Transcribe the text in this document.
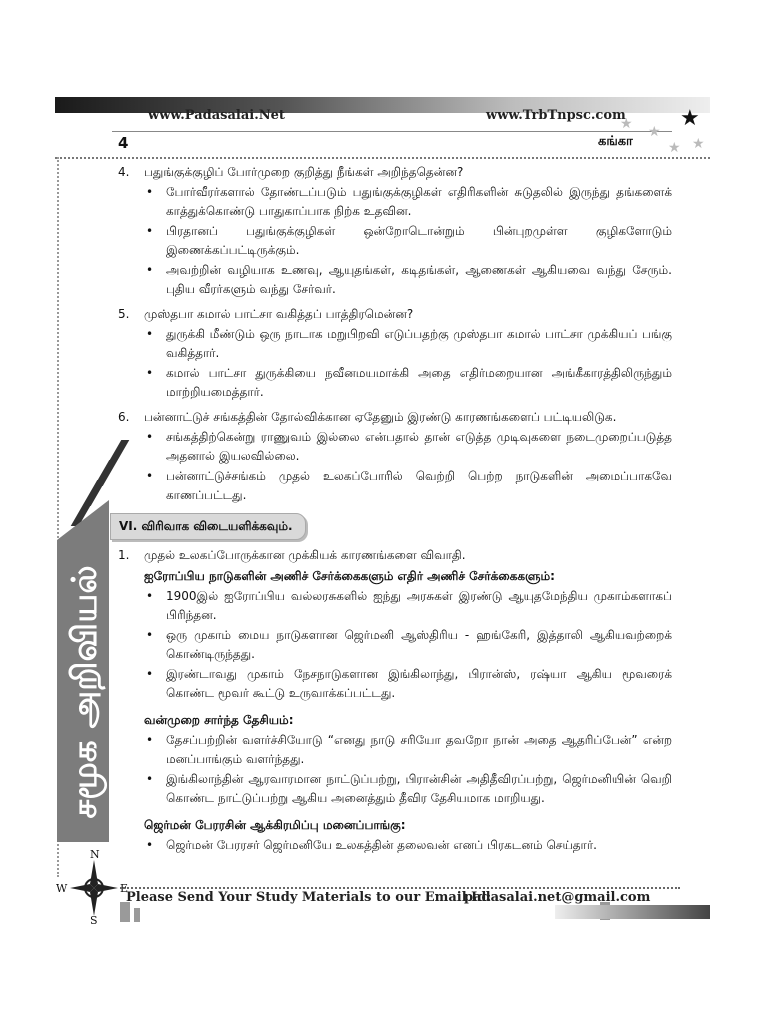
www.Padasalai.Net	www.TrbTnpsc.com
4	கங்கா
★
★ ★
★ ★
சமூக அறிவியல்
N
W	E
S

4. பதுங்குக்குழிப் போர்முறை குறித்து நீங்கள் அறிந்ததென்ன?

• போர்வீரர்களால் தோண்டப்படும் பதுங்குக்குழிகள் எதிரிகளின் சுடுதலில் இருந்து தங்களைக் காத்துக்கொண்டு பாதுகாப்பாக நிற்க உதவின.
• பிரதானப் பதுங்குக்குழிகள் ஒன்றோடொன்றும் பின்புறமுள்ள குழிகளோடும் இணைக்கப்பட்டிருக்கும்.
• அவற்றின் வழியாக உணவு, ஆயுதங்கள், கடிதங்கள், ஆணைகள் ஆகியவை வந்து சேரும். புதிய வீரர்களும் வந்து சேர்வர்.

5. முஸ்தபா கமால் பாட்சா வகித்தப் பாத்திரமென்ன?

• துருக்கி மீண்டும் ஒரு நாடாக மறுபிறவி எடுப்பதற்கு முஸ்தபா கமால் பாட்சா முக்கியப் பங்கு வகித்தார்.
• கமால் பாட்சா துருக்கியை நவீனமயமாக்கி அதை எதிர்மறையான அங்கீகாரத்திலிருந்தும் மாற்றியமைத்தார்.

6. பன்னாட்டுச் சங்கத்தின் தோல்விக்கான ஏதேனும் இரண்டு காரணங்களைப் பட்டியலிடுக.

• சங்கத்திற்கென்று ராணுவம் இல்லை என்பதால் தான் எடுத்த முடிவுகளை நடைமுறைப்படுத்த அதனால் இயலவில்லை.
• பன்னாட்டுச்சங்கம் முதல் உலகப்போரில் வெற்றி பெற்ற நாடுகளின் அமைப்பாகவே காணப்பட்டது.
VI. விரிவாக விடையளிக்கவும்.

1. முதல் உலகப்போருக்கான முக்கியக் காரணங்களை விவாதி.

ஐரோப்பிய நாடுகளின் அணிச் சேர்க்கைகளும் எதிர் அணிச் சேர்க்கைகளும்:
• 1900இல் ஐரோப்பிய வல்லரசுகளில் ஐந்து அரசுகள் இரண்டு ஆயுதமேந்திய முகாம்களாகப் பிரிந்தன.
• ஒரு முகாம் மைய நாடுகளான ஜெர்மனி ஆஸ்திரிய - ஹங்கேரி, இத்தாலி ஆகியவற்றைக் கொண்டிருந்தது.
• இரண்டாவது முகாம் நேசநாடுகளான இங்கிலாந்து, பிரான்ஸ், ரஷ்யா ஆகிய மூவரைக் கொண்ட மூவர் கூட்டு உருவாக்கப்பட்டது.
வன்முறை சார்ந்த தேசியம்:
• தேசப்பற்றின் வளர்ச்சியோடு “எனது நாடு சரியோ தவறோ நான் அதை ஆதரிப்பேன்” என்ற மனப்பாங்கும் வளர்ந்தது.
• இங்கிலாந்தின் ஆரவாரமான நாட்டுப்பற்று, பிரான்சின் அதிதீவிரப்பற்று, ஜெர்மனியின் வெறி கொண்ட நாட்டுப்பற்று ஆகிய அனைத்தும் தீவிர தேசியமாக மாறியது.
ஜெர்மன் பேரரசின் ஆக்கிரமிப்பு மனைப்பாங்கு:
• ஜெர்மன் பேரரசர் ஜெர்மனியே உலகத்தின் தலைவன் எனப் பிரகடனம் செய்தார்.
Please Send Your Study Materials to our Email Id:
padasalai.net@gmail.com
